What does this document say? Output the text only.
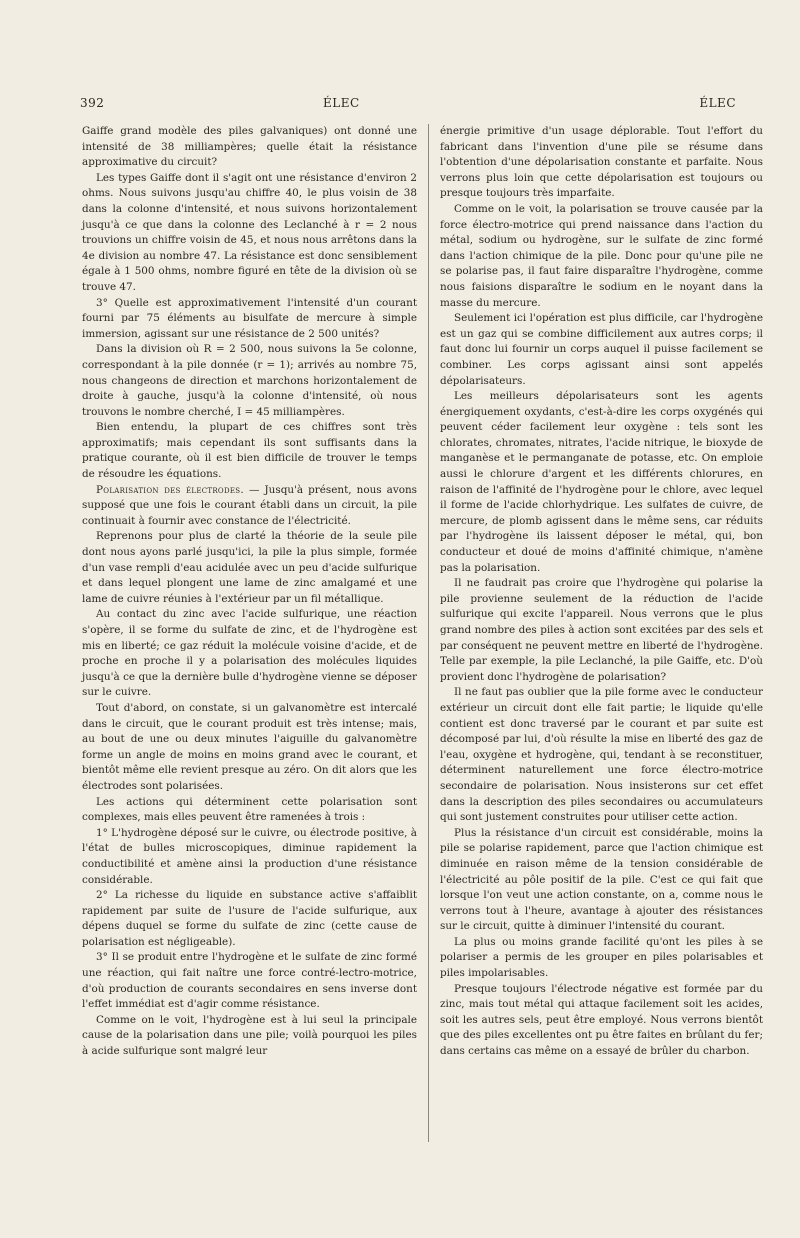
392	ÉLEC	ÉLEC

Gaiffe grand modèle des piles galvaniques) ont donné une intensité de 38 milliampères; quelle était la résistance approximative du circuit?

Les types Gaiffe dont il s'agit ont une résistance d'environ 2 ohms. Nous suivons jusqu'au chiffre 40, le plus voisin de 38 dans la colonne d'intensité, et nous suivons horizontalement jusqu'à ce que dans la colonne des Leclanché à r = 2 nous trouvions un chiffre voisin de 45, et nous nous arrêtons dans la 4e division au nombre 47. La résistance est donc sensiblement égale à 1 500 ohms, nombre figuré en tête de la division où se trouve 47.

3° Quelle est approximativement l'intensité d'un courant fourni par 75 éléments au bisulfate de mercure à simple immersion, agissant sur une résistance de 2 500 unités?

Dans la division où R = 2 500, nous suivons la 5e colonne, correspondant à la pile donnée (r = 1); arrivés au nombre 75, nous changeons de direction et marchons horizontalement de droite à gauche, jusqu'à la colonne d'intensité, où nous trouvons le nombre cherché, I = 45 milliampères.

Bien entendu, la plupart de ces chiffres sont très approximatifs; mais cependant ils sont suffisants dans la pratique courante, où il est bien difficile de trouver le temps de résoudre les équations.

Polarisation des électrodes. — Jusqu'à présent, nous avons supposé que une fois le courant établi dans un circuit, la pile continuait à fournir avec constance de l'électricité.

Reprenons pour plus de clarté la théorie de la seule pile dont nous ayons parlé jusqu'ici, la pile la plus simple, formée d'un vase rempli d'eau acidulée avec un peu d'acide sulfurique et dans lequel plongent une lame de zinc amalgamé et une lame de cuivre réunies à l'extérieur par un fil métallique.

Au contact du zinc avec l'acide sulfurique, une réaction s'opère, il se forme du sulfate de zinc, et de l'hydrogène est mis en liberté; ce gaz réduit la molécule voisine d'acide, et de proche en proche il y a polarisation des molécules liquides jusqu'à ce que la dernière bulle d'hydrogène vienne se déposer sur le cuivre.

Tout d'abord, on constate, si un galvanomètre est intercalé dans le circuit, que le courant produit est très intense; mais, au bout de une ou deux minutes l'aiguille du galvanomètre forme un angle de moins en moins grand avec le courant, et bientôt même elle revient presque au zéro. On dit alors que les électrodes sont polarisées.

Les actions qui déterminent cette polarisation sont complexes, mais elles peuvent être ramenées à trois :

1° L'hydrogène déposé sur le cuivre, ou électrode positive, à l'état de bulles microscopiques, diminue rapidement la conductibilité et amène ainsi la production d'une résistance considérable.

2° La richesse du liquide en substance active s'affaiblit rapidement par suite de l'usure de l'acide sulfurique, aux dépens duquel se forme du sulfate de zinc (cette cause de polarisation est négligeable).

3° Il se produit entre l'hydrogène et le sulfate de zinc formé une réaction, qui fait naître une force contré-lectro-motrice, d'où production de courants secondaires en sens inverse dont l'effet immédiat est d'agir comme résistance.

Comme on le voit, l'hydrogène est à lui seul la principale cause de la polarisation dans une pile; voilà pourquoi les piles à acide sulfurique sont malgré leur

énergie primitive d'un usage déplorable. Tout l'effort du fabricant dans l'invention d'une pile se résume dans l'obtention d'une dépolarisation constante et parfaite. Nous verrons plus loin que cette dépolarisation est toujours ou presque toujours très imparfaite.

Comme on le voit, la polarisation se trouve causée par la force électro-motrice qui prend naissance dans l'action du métal, sodium ou hydrogène, sur le sulfate de zinc formé dans l'action chimique de la pile. Donc pour qu'une pile ne se polarise pas, il faut faire disparaître l'hydrogène, comme nous faisions disparaître le sodium en le noyant dans la masse du mercure.

Seulement ici l'opération est plus difficile, car l'hydrogène est un gaz qui se combine difficilement aux autres corps; il faut donc lui fournir un corps auquel il puisse facilement se combiner. Les corps agissant ainsi sont appelés dépolarisateurs.

Les meilleurs dépolarisateurs sont les agents énergiquement oxydants, c'est-à-dire les corps oxygénés qui peuvent céder facilement leur oxygène : tels sont les chlorates, chromates, nitrates, l'acide nitrique, le bioxyde de manganèse et le permanganate de potasse, etc. On emploie aussi le chlorure d'argent et les différents chlorures, en raison de l'affinité de l'hydrogène pour le chlore, avec lequel il forme de l'acide chlorhydrique. Les sulfates de cuivre, de mercure, de plomb agissent dans le même sens, car réduits par l'hydrogène ils laissent déposer le métal, qui, bon conducteur et doué de moins d'affinité chimique, n'amène pas la polarisation.

Il ne faudrait pas croire que l'hydrogène qui polarise la pile provienne seulement de la réduction de l'acide sulfurique qui excite l'appareil. Nous verrons que le plus grand nombre des piles à action sont excitées par des sels et par conséquent ne peuvent mettre en liberté de l'hydrogène. Telle par exemple, la pile Leclanché, la pile Gaiffe, etc. D'où provient donc l'hydrogène de polarisation?

Il ne faut pas oublier que la pile forme avec le conducteur extérieur un circuit dont elle fait partie; le liquide qu'elle contient est donc traversé par le courant et par suite est décomposé par lui, d'où résulte la mise en liberté des gaz de l'eau, oxygène et hydrogène, qui, tendant à se reconstituer, déterminent naturellement une force électro-motrice secondaire de polarisation. Nous insisterons sur cet effet dans la description des piles secondaires ou accumulateurs qui sont justement construites pour utiliser cette action.

Plus la résistance d'un circuit est considérable, moins la pile se polarise rapidement, parce que l'action chimique est diminuée en raison même de la tension considérable de l'électricité au pôle positif de la pile. C'est ce qui fait que lorsque l'on veut une action constante, on a, comme nous le verrons tout à l'heure, avantage à ajouter des résistances sur le circuit, quitte à diminuer l'intensité du courant.

La plus ou moins grande facilité qu'ont les piles à se polariser a permis de les grouper en piles polarisables et piles impolarisables.

Presque toujours l'électrode négative est formée par du zinc, mais tout métal qui attaque facilement soit les acides, soit les autres sels, peut être employé. Nous verrons bientôt que des piles excellentes ont pu être faites en brûlant du fer; dans certains cas même on a essayé de brûler du charbon.
